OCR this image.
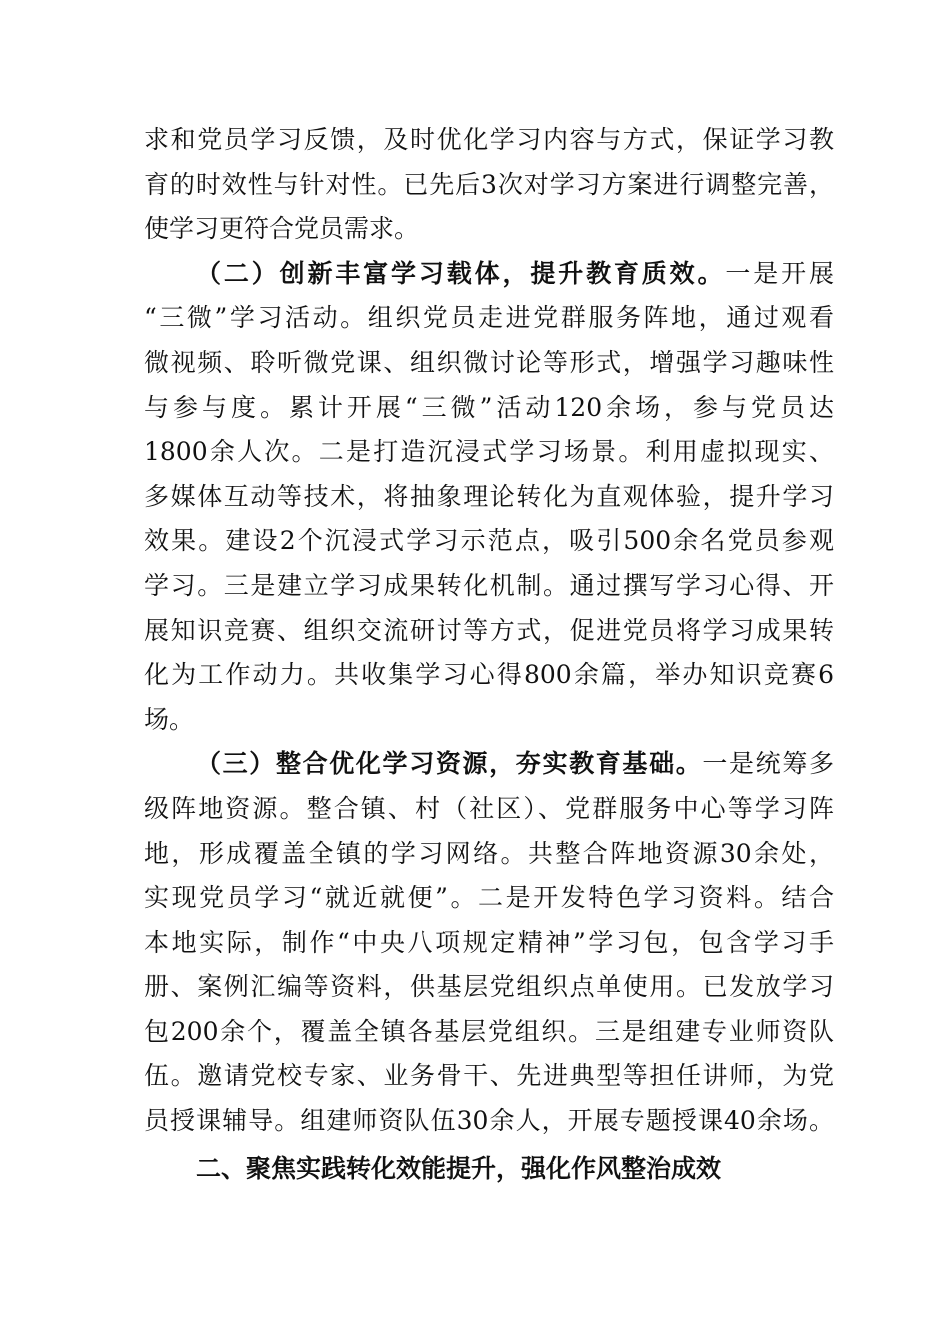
求和党员学习反馈，及时优化学习内容与方式，保证学习教
育的时效性与针对性。已先后3次对学习方案进行调整完善，
使学习更符合党员需求。
（二）创新丰富学习载体，提升教育质效。一是开展
“三微”学习活动。组织党员走进党群服务阵地，通过观看
微视频、聆听微党课、组织微讨论等形式，增强学习趣味性
与参与度。累计开展“三微”活动120余场，参与党员达
1800余人次。二是打造沉浸式学习场景。利用虚拟现实、
多媒体互动等技术，将抽象理论转化为直观体验，提升学习
效果。建设2个沉浸式学习示范点，吸引500余名党员参观
学习。三是建立学习成果转化机制。通过撰写学习心得、开
展知识竞赛、组织交流研讨等方式，促进党员将学习成果转
化为工作动力。共收集学习心得800余篇，举办知识竞赛6
场。
（三）整合优化学习资源，夯实教育基础。一是统筹多
级阵地资源。整合镇、村（社区）、党群服务中心等学习阵
地，形成覆盖全镇的学习网络。共整合阵地资源30余处，
实现党员学习“就近就便”。二是开发特色学习资料。结合
本地实际，制作“中央八项规定精神”学习包，包含学习手
册、案例汇编等资料，供基层党组织点单使用。已发放学习
包200余个，覆盖全镇各基层党组织。三是组建专业师资队
伍。邀请党校专家、业务骨干、先进典型等担任讲师，为党
员授课辅导。组建师资队伍30余人，开展专题授课40余场。
二、聚焦实践转化效能提升，强化作风整治成效
